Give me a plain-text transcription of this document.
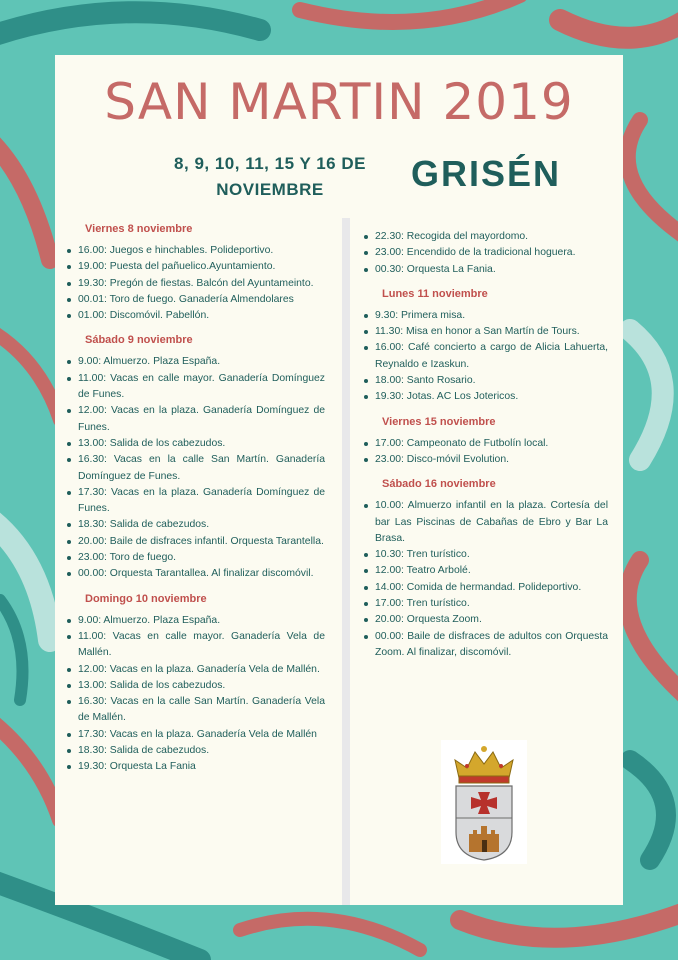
SAN MARTIN 2019
8, 9, 10, 11, 15 Y 16 DE NOVIEMBRE	GRISÉN
Viernes 8 noviembre
16.00: Juegos e hinchables. Polideportivo.
19.00: Puesta del pañuelico.Ayuntamiento.
19.30: Pregón de fiestas. Balcón del Ayuntameinto.
00.01: Toro de fuego. Ganadería Almendolares
01.00: Discomóvil. Pabellón.
Sábado 9 noviembre
9.00: Almuerzo. Plaza España.
11.00: Vacas en calle mayor. Ganadería Domínguez de Funes.
12.00: Vacas en la plaza. Ganadería Domínguez de Funes.
13.00: Salida de los cabezudos.
16.30: Vacas en la calle San Martín. Ganadería Domínguez de Funes.
17.30: Vacas en la plaza. Ganadería Domínguez de Funes.
18.30: Salida de cabezudos.
20.00: Baile de disfraces infantil. Orquesta Tarantella.
23.00: Toro de fuego.
00.00: Orquesta Tarantallea. Al finalizar discomóvil.
Domingo 10 noviembre
9.00: Almuerzo. Plaza España.
11.00: Vacas en calle mayor. Ganadería Vela de Mallén.
12.00: Vacas en la plaza. Ganadería Vela de Mallén.
13.00: Salida de los cabezudos.
16.30: Vacas en la calle San Martín. Ganadería Vela de Mallén.
17.30: Vacas en la plaza. Ganadería Vela de Mallén
18.30: Salida de cabezudos.
19.30: Orquesta La Fania
22.30: Recogida del mayordomo.
23.00: Encendido de la tradicional hoguera.
00.30: Orquesta La Fania.
Lunes 11 noviembre
9.30: Primera misa.
11.30: Misa en honor a San Martín de Tours.
16.00: Café concierto a cargo de Alicia Lahuerta, Reynaldo e Izaskun.
18.00: Santo Rosario.
19.30: Jotas. AC Los Jotericos.
Viernes 15 noviembre
17.00: Campeonato de Futbolín local.
23.00: Disco-móvil Evolution.
Sábado 16 noviembre
10.00: Almuerzo infantil en la plaza. Cortesía del bar Las Piscinas de Cabañas de Ebro y Bar La Brasa.
10.30: Tren turístico.
12.00: Teatro Arbolé.
14.00: Comida de hermandad. Polideportivo.
17.00: Tren turístico.
20.00: Orquesta Zoom.
00.00: Baile de disfraces de adultos con Orquesta Zoom. Al finalizar, discomóvil.
